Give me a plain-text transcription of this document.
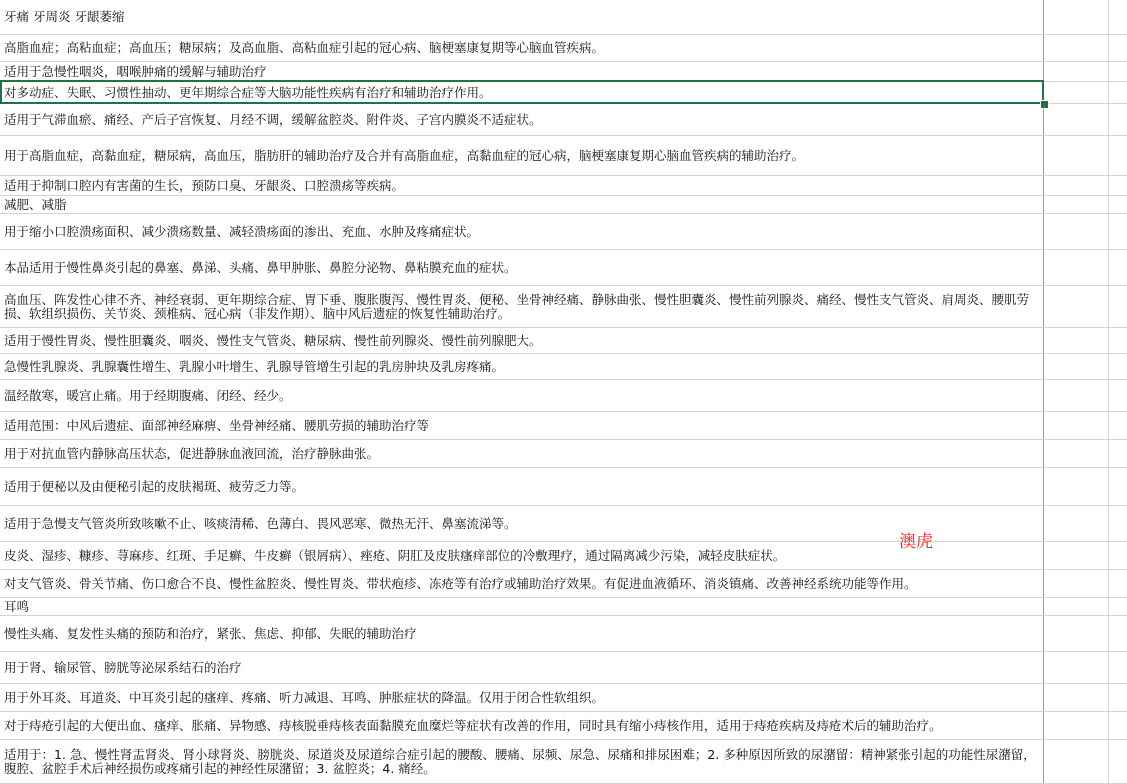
牙痛 牙周炎 牙龈萎缩
高脂血症；高粘血症；高血压；糖尿病；及高血脂、高粘血症引起的冠心病、脑梗塞康复期等心脑血管疾病。
适用于急慢性咽炎，咽喉肿痛的缓解与辅助治疗
对多动症、失眠、习惯性抽动、更年期综合症等大脑功能性疾病有治疗和辅助治疗作用。
适用于气滞血瘀、痛经、产后子宫恢复、月经不调，缓解盆腔炎、附件炎、子宫内膜炎不适症状。
用于高脂血症，高黏血症，糖尿病，高血压，脂肪肝的辅助治疗及合并有高脂血症，高黏血症的冠心病，脑梗塞康复期心脑血管疾病的辅助治疗。
适用于抑制口腔内有害菌的生长，预防口臭、牙龈炎、口腔溃疡等疾病。
减肥、减脂
用于缩小口腔溃疡面积、减少溃疡数量、减轻溃疡面的渗出、充血、水肿及疼痛症状。
本品适用于慢性鼻炎引起的鼻塞、鼻涕、头痛、鼻甲肿胀、鼻腔分泌物、鼻粘膜充血的症状。
高血压、阵发性心律不齐、神经衰弱、更年期综合症、胃下垂、腹胀腹泻、慢性胃炎、便秘、坐骨神经痛、静脉曲张、慢性胆囊炎、慢性前列腺炎、痛经、慢性支气管炎、肩周炎、腰肌劳损、软组织损伤、关节炎、颈椎病、冠心病（非发作期）、脑中风后遗症的恢复性辅助治疗。
适用于慢性胃炎、慢性胆囊炎、咽炎、慢性支气管炎、糖尿病、慢性前列腺炎、慢性前列腺肥大。
急慢性乳腺炎、乳腺囊性增生、乳腺小叶增生、乳腺导管增生引起的乳房肿块及乳房疼痛。
温经散寒，暖宫止痛。用于经期腹痛、闭经、经少。
适用范围：中风后遗症、面部神经麻痹、坐骨神经痛、腰肌劳损的辅助治疗等
用于对抗血管内静脉高压状态，促进静脉血液回流，治疗静脉曲张。
适用于便秘以及由便秘引起的皮肤褐斑、疲劳乏力等。
适用于急慢支气管炎所致咳嗽不止、咳痰清稀、色薄白、畏风恶寒、微热无汗、鼻塞流涕等。
皮炎、湿疹、糠疹、荨麻疹、红斑、手足癣、牛皮癣（银屑病）、痤疮、阴肛及皮肤瘙痒部位的冷敷理疗，通过隔离减少污染，减轻皮肤症状。
对支气管炎、骨关节痛、伤口愈合不良、慢性盆腔炎、慢性胃炎、带状疱疹、冻疮等有治疗或辅助治疗效果。有促进血液循环、消炎镇痛、改善神经系统功能等作用。
耳鸣
慢性头痛、复发性头痛的预防和治疗，紧张、焦虑、抑郁、失眠的辅助治疗
用于肾、输尿管、膀胱等泌尿系结石的治疗
用于外耳炎、耳道炎、中耳炎引起的瘙痒、疼痛、听力减退、耳鸣、肿胀症状的降温。仅用于闭合性软组织。
对于痔疮引起的大便出血、瘙痒、胀痛、异物感、痔核脱垂痔核表面黏膜充血糜烂等症状有改善的作用，同时具有缩小痔核作用，适用于痔疮疾病及痔疮术后的辅助治疗。
适用于：1. 急、慢性肾盂肾炎、肾小球肾炎、膀胱炎、尿道炎及尿道综合症引起的腰酸、腰痛、尿频、尿急、尿痛和排尿困难；2. 多种原因所致的尿潴留：精神紧张引起的功能性尿潴留，腹腔、盆腔手术后神经损伤或疼痛引起的神经性尿潴留；3. 盆腔炎；4. 痛经。
澳虎
